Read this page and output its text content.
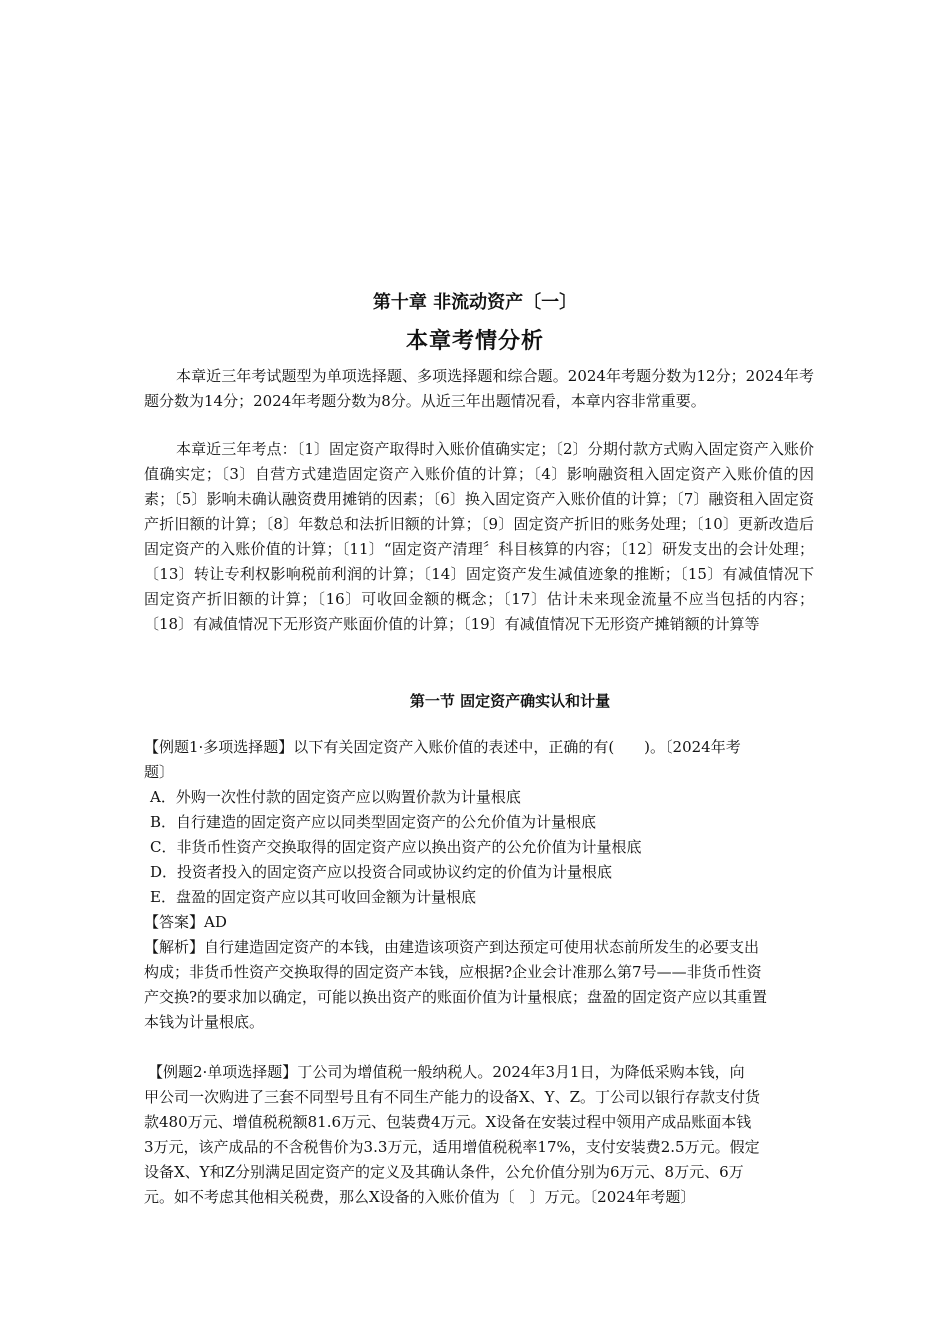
第十章 非流动资产〔一〕
本章考情分析
本章近三年考试题型为单项选择题、多项选择题和综合题。2024年考题分数为12分；2024年考题分数为14分；2024年考题分数为8分。从近三年出题情况看，本章内容非常重要。
本章近三年考点：〔1〕固定资产取得时入账价值确实定；〔2〕分期付款方式购入固定资产入账价值确实定；〔3〕自营方式建造固定资产入账价值的计算；〔4〕影响融资租入固定资产入账价值的因素；〔5〕影响未确认融资费用摊销的因素；〔6〕换入固定资产入账价值的计算；〔7〕融资租入固定资产折旧额的计算；〔8〕年数总和法折旧额的计算；〔9〕固定资产折旧的账务处理；〔10〕更新改造后固定资产的入账价值的计算；〔11〕“固定资产清理〞科目核算的内容；〔12〕研发支出的会计处理；〔13〕转让专利权影响税前利润的计算；〔14〕固定资产发生减值迹象的推断；〔15〕有减值情况下固定资产折旧额的计算；〔16〕可收回金额的概念；〔17〕估计未来现金流量不应当包括的内容；〔18〕有减值情况下无形资产账面价值的计算；〔19〕有减值情况下无形资产摊销额的计算等
第一节 固定资产确实认和计量
【例题1·多项选择题】以下有关固定资产入账价值的表述中，正确的有(　　)。〔2024年考
题〕
A．外购一次性付款的固定资产应以购置价款为计量根底
B．自行建造的固定资产应以同类型固定资产的公允价值为计量根底
C．非货币性资产交换取得的固定资产应以换出资产的公允价值为计量根底
D．投资者投入的固定资产应以投资合同或协议约定的价值为计量根底
E．盘盈的固定资产应以其可收回金额为计量根底
【答案】AD
【解析】自行建造固定资产的本钱，由建造该项资产到达预定可使用状态前所发生的必要支出
构成；非货币性资产交换取得的固定资产本钱，应根据?企业会计准那么第7号——非货币性资
产交换?的要求加以确定，可能以换出资产的账面价值为计量根底；盘盈的固定资产应以其重置
本钱为计量根底。
【例题2·单项选择题】丁公司为增值税一般纳税人。2024年3月1日，为降低采购本钱，向
甲公司一次购进了三套不同型号且有不同生产能力的设备X、Y、Z。丁公司以银行存款支付货
款480万元、增值税税额81.6万元、包装费4万元。X设备在安装过程中领用产成品账面本钱
3万元，该产成品的不含税售价为3.3万元，适用增值税税率17%，支付安装费2.5万元。假定
设备X、Y和Z分别满足固定资产的定义及其确认条件，公允价值分别为6万元、8万元、6万
元。如不考虑其他相关税费，那么X设备的入账价值为〔　〕万元。〔2024年考题〕
